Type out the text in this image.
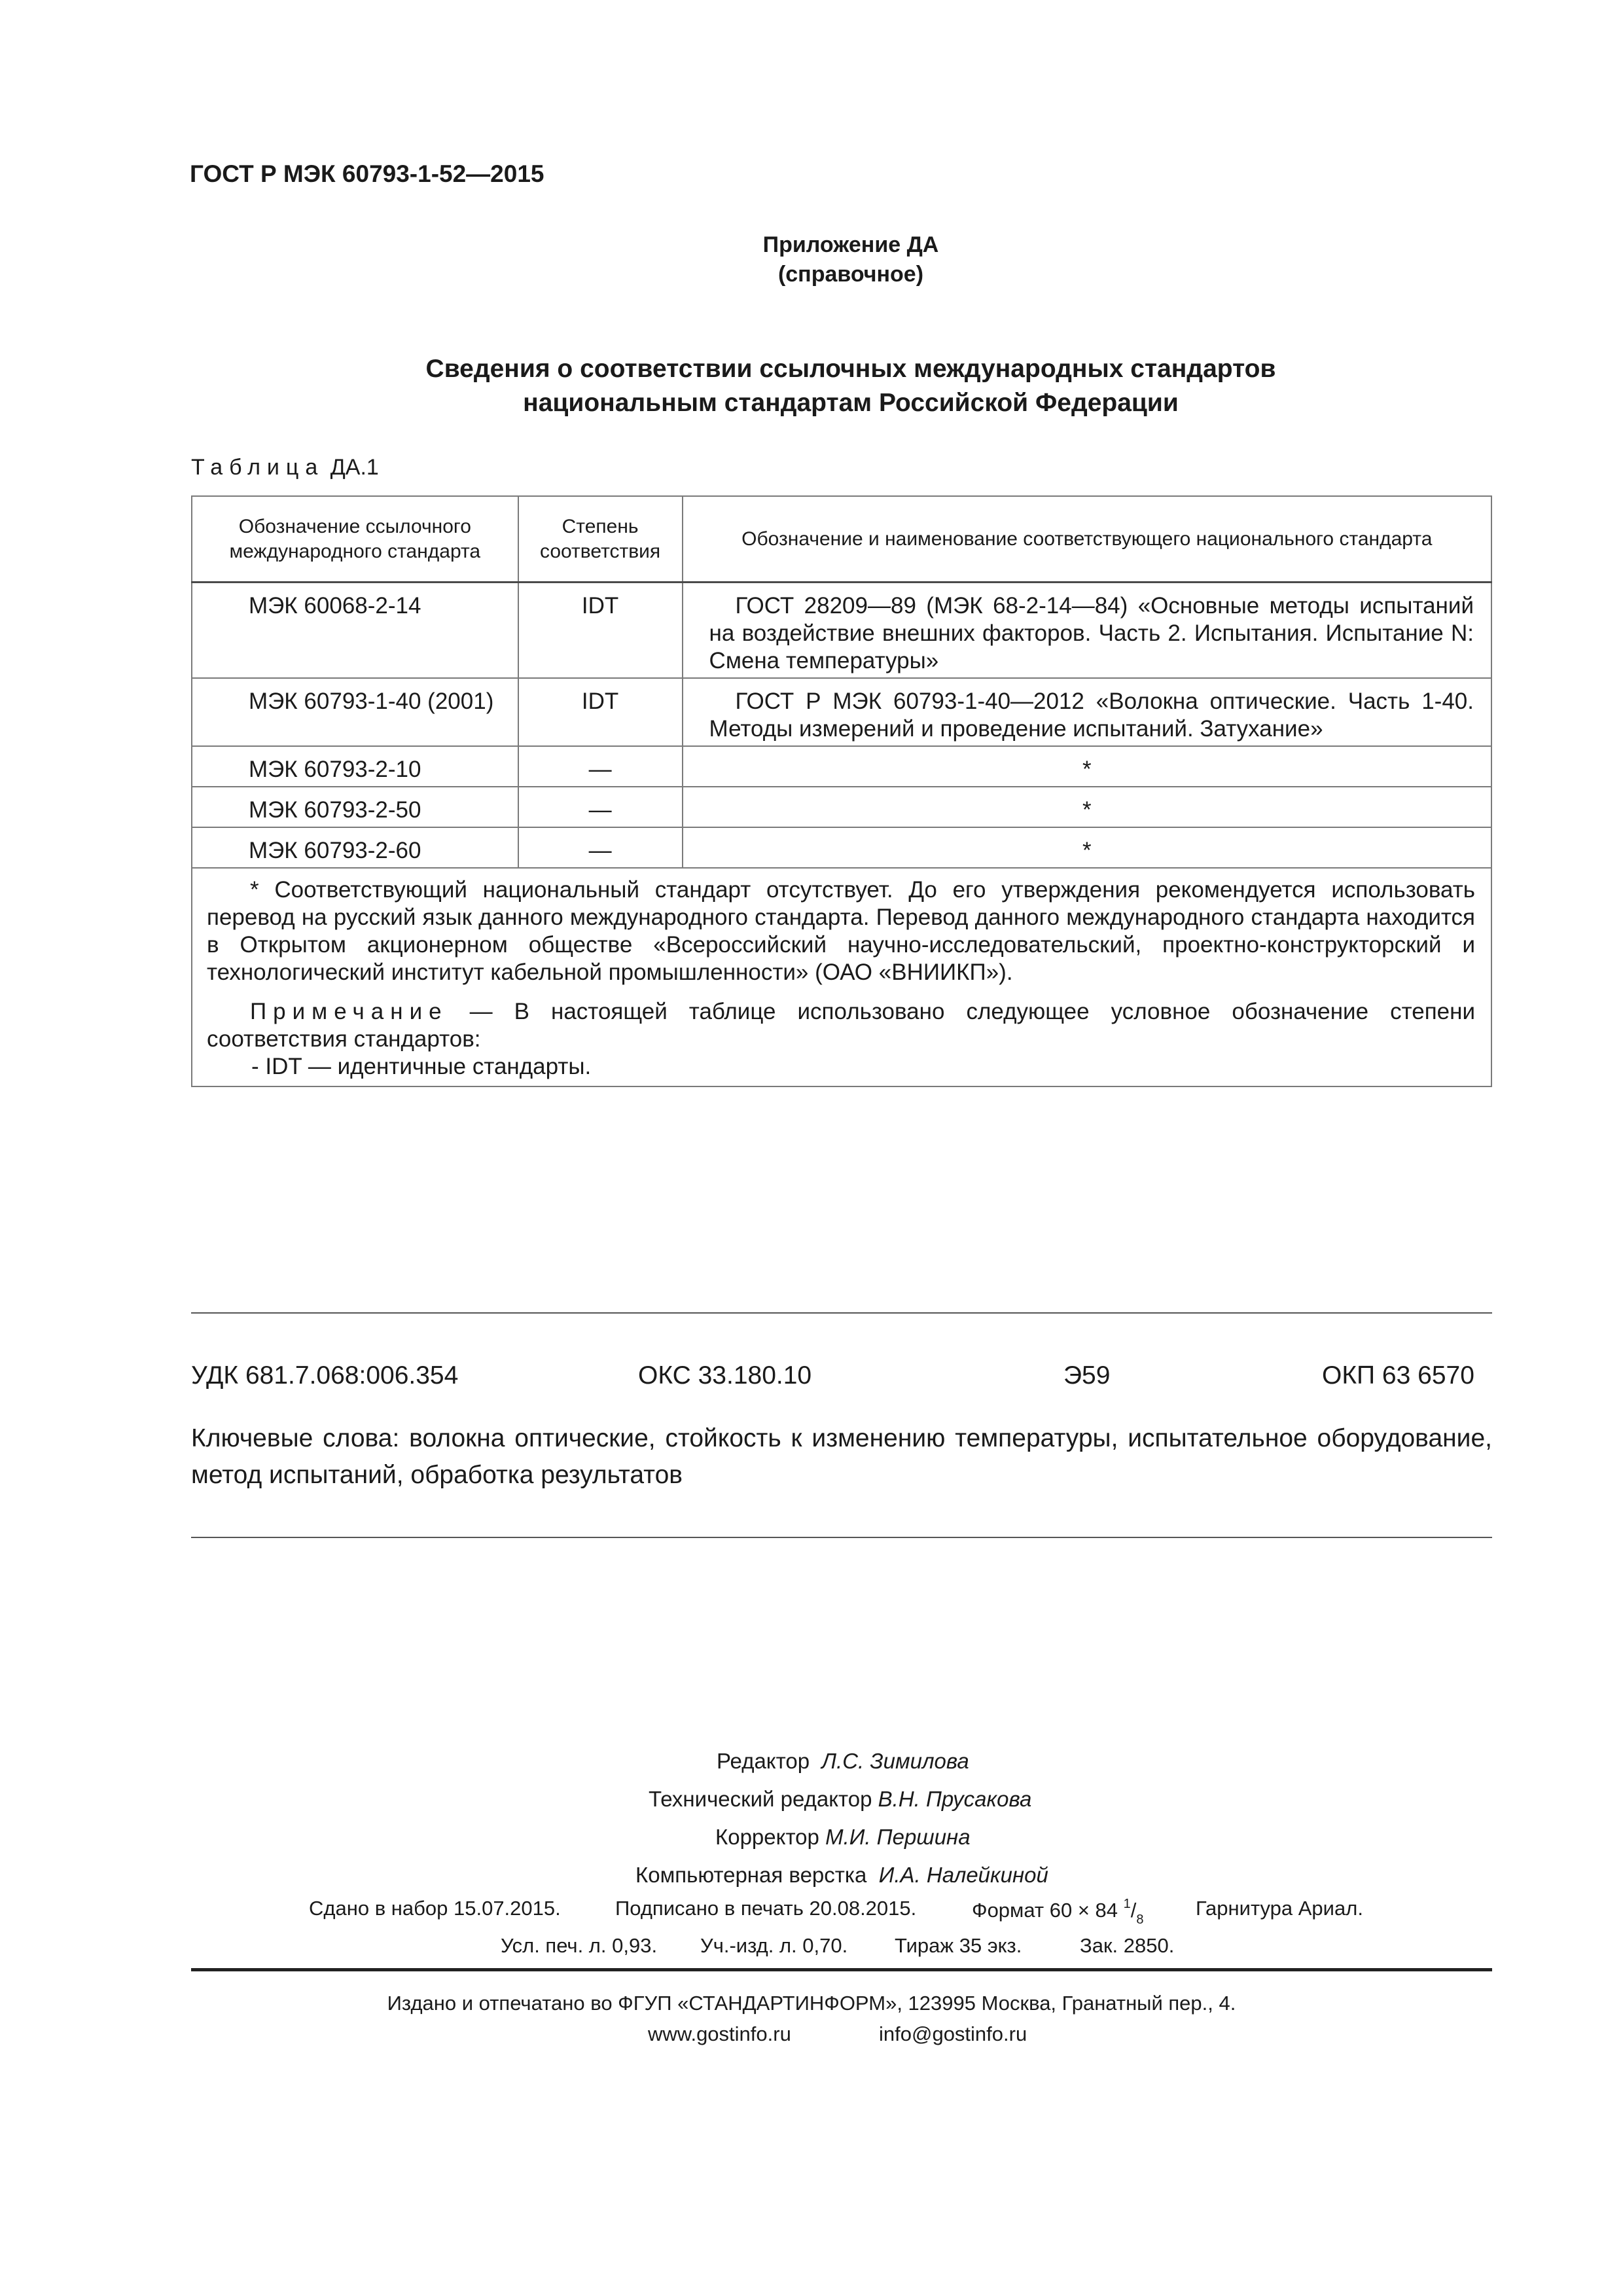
ГОСТ Р МЭК 60793-1-52—2015
Приложение ДА
(справочное)
Сведения о соответствии ссылочных международных стандартов
национальным стандартам Российской Федерации
Таблица ДА.1
Обозначение ссылочного международного стандарта	Степень соответствия	Обозначение и наименование соответствующего национального стандарта
МЭК 60068-2-14	IDT	ГОСТ 28209—89 (МЭК 68-2-14—84) «Основные методы испытаний на воздействие внешних факторов. Часть 2. Испытания. Испытание N: Смена температуры»

МЭК 60793-1-40 (2001)	IDT	ГОСТ Р МЭК 60793-1-40—2012 «Волокна оптические. Часть 1-40. Методы измерений и проведение испытаний. Затухание»

МЭК 60793-2-10	—	*
МЭК 60793-2-50	—	*
МЭК 60793-2-60	—	*

* Соответствующий национальный стандарт отсутствует. До его утверждения рекомендуется использовать перевод на русский язык данного международного стандарта. Перевод данного международного стандарта находится в Открытом акционерном обществе «Всероссийский научно-исследовательский, проектно-конструкторский и технологический институт кабельной промышленности» (ОАО «ВНИИКП»).

Примечание — В настоящей таблице использовано следующее условное обозначение степени соответствия стандартов:

- IDT — идентичные стандарты.		

УДК 681.7.068:006.354	ОКС 33.180.10	Э59	ОКП 63 6570
Ключевые слова: волокна оптические, стойкость к изменению температуры, испытательное оборудование, метод испытаний, обработка результатов
Редактор Л.С. Зимилова
Технический редактор В.Н. Прусакова
Корректор М.И. Першина
Компьютерная верстка И.А. Налейкиной
Сдано в набор 15.07.2015.	Подписано в печать 20.08.2015.	Формат 60 × 84 $^1/_8$	Гарнитура Ариал.
Усл. печ. л. 0,93. Уч.-изд. л. 0,70. Тираж 35 экз.	Зак. 2850.
Издано и отпечатано во ФГУП «СТАНДАРТИНФОРМ», 123995 Москва, Гранатный пер., 4.
www.gostinfo.ru	info@gostinfo.ru
